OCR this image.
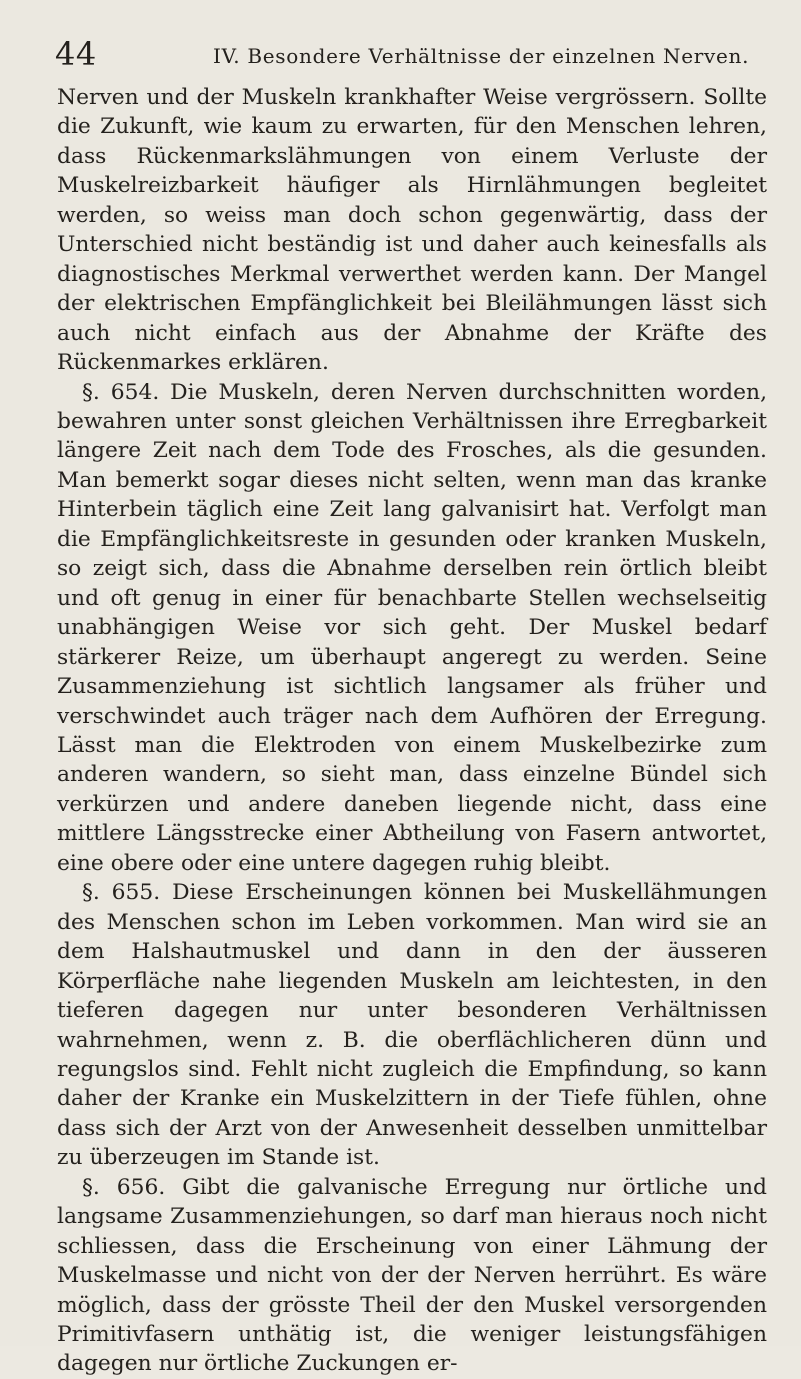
44	IV. Besondere Verhältnisse der einzelnen Nerven.

Nerven und der Muskeln krankhafter Weise vergrössern. Sollte die Zukunft, wie kaum zu erwarten, für den Menschen lehren, dass Rückenmarkslähmungen von einem Verluste der Muskelreizbarkeit häufiger als Hirnlähmungen begleitet werden, so weiss man doch schon gegenwärtig, dass der Unterschied nicht beständig ist und daher auch keinesfalls als diagnostisches Merkmal verwerthet werden kann. Der Mangel der elektrischen Empfänglichkeit bei Bleilähmungen lässt sich auch nicht einfach aus der Abnahme der Kräfte des Rückenmarkes erklären.

§. 654. Die Muskeln, deren Nerven durchschnitten worden, bewahren unter sonst gleichen Verhältnissen ihre Erregbarkeit längere Zeit nach dem Tode des Frosches, als die gesunden. Man bemerkt sogar dieses nicht selten, wenn man das kranke Hinterbein täglich eine Zeit lang galvanisirt hat. Verfolgt man die Empfänglichkeitsreste in gesunden oder kranken Muskeln, so zeigt sich, dass die Abnahme derselben rein örtlich bleibt und oft genug in einer für benachbarte Stellen wechselseitig unabhängigen Weise vor sich geht. Der Muskel bedarf stärkerer Reize, um überhaupt angeregt zu werden. Seine Zusammenziehung ist sichtlich langsamer als früher und verschwindet auch träger nach dem Aufhören der Erregung. Lässt man die Elektroden von einem Muskelbezirke zum anderen wandern, so sieht man, dass einzelne Bündel sich verkürzen und andere daneben liegende nicht, dass eine mittlere Längsstrecke einer Abtheilung von Fasern antwortet, eine obere oder eine untere dagegen ruhig bleibt.

§. 655. Diese Erscheinungen können bei Muskellähmungen des Menschen schon im Leben vorkommen. Man wird sie an dem Halshautmuskel und dann in den der äusseren Körperfläche nahe liegenden Muskeln am leichtesten, in den tieferen dagegen nur unter besonderen Verhältnissen wahrnehmen, wenn z. B. die oberflächlicheren dünn und regungslos sind. Fehlt nicht zugleich die Empfindung, so kann daher der Kranke ein Muskelzittern in der Tiefe fühlen, ohne dass sich der Arzt von der Anwesenheit desselben unmittelbar zu überzeugen im Stande ist.

§. 656. Gibt die galvanische Erregung nur örtliche und langsame Zusammenziehungen, so darf man hieraus noch nicht schliessen, dass die Erscheinung von einer Lähmung der Muskelmasse und nicht von der der Nerven herrührt. Es wäre möglich, dass der grösste Theil der den Muskel versorgenden Primitivfasern unthätig ist, die weniger leistungsfähigen dagegen nur örtliche Zuckungen er-
